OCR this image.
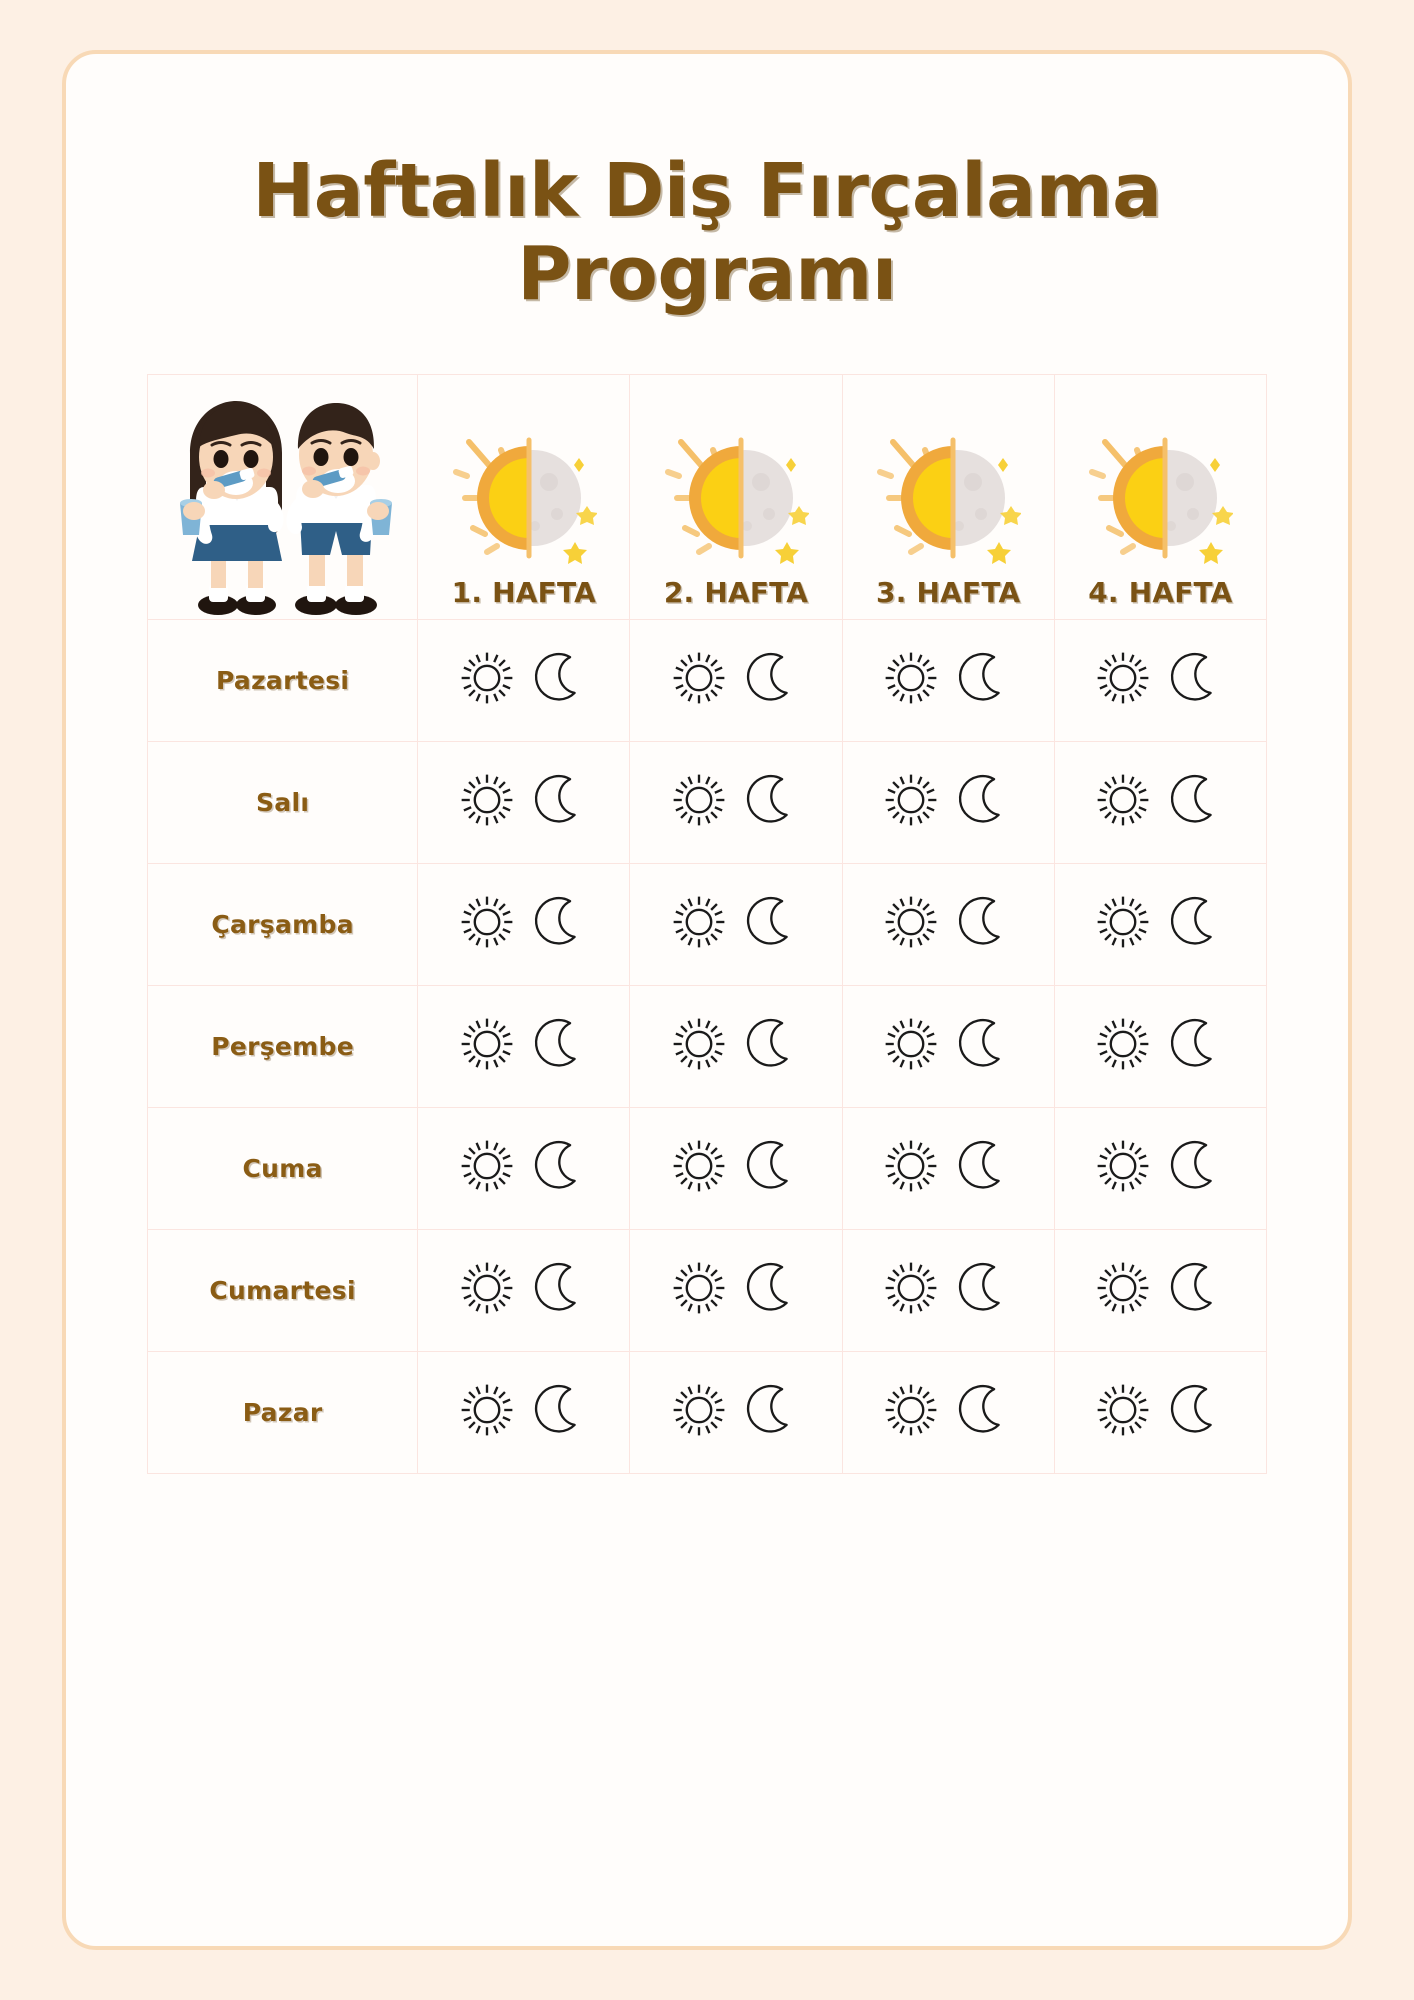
Haftalık Diş Fırçalama
Programı

1. HAFTA	2. HAFTA	3. HAFTA	4. HAFTA

Pazartesi	

Salı	

Çarşamba	

Perşembe	

Cuma	

Cumartesi	

Pazar	
